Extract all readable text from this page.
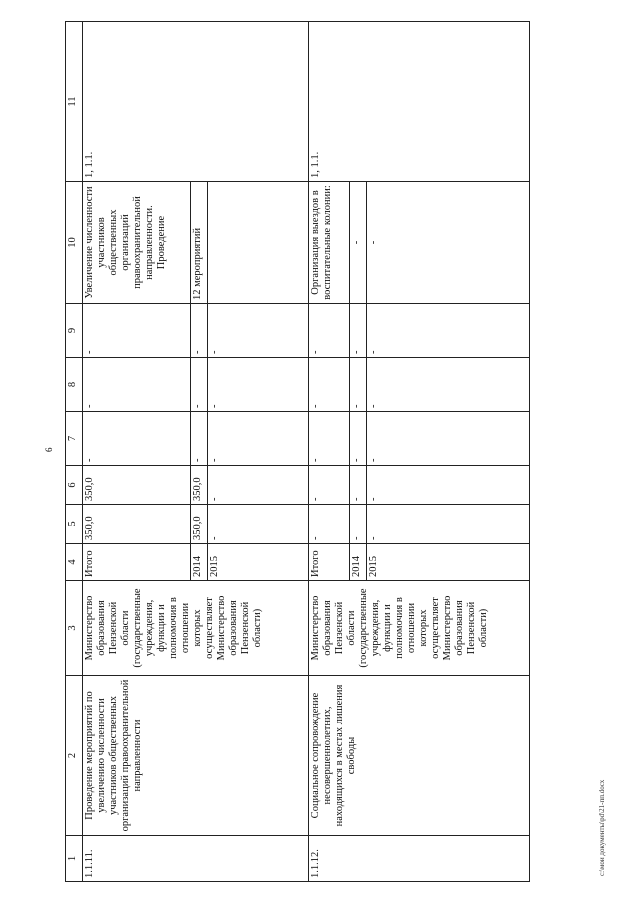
6
1	2	3	4	5	6	7	8	9	10	11
1.1.11.	Проведение мероприятий по увеличению численности участников общественных организаций правоохранительной направленности	Министерство образования Пензенской области (государственные учреждения, функции и полномочия в отношении которых осуществляет Министерство образования Пензенской области)	Итого	350,0	350,0	-	-	-	Увеличение численности участников общественных организаций правоохранительной направленности. Проведение	1, 1.1.
			2014	350,0	350,0	-	-	-	12 мероприятий	
			2015	-	-	-	-	-		
1.1.12.	Социальное сопровождение несовершеннолетних, находящихся в местах лишения свободы	Министерство образования Пензенской области (государственные учреждения, функции и полномочия в отношении которых осуществляет Министерство образования Пензенской области)	Итого	-	-	-	-	-	Организация выездов в воспитательные колонии:	1, 1.1.
			2014	-	-	-	-	-	-	
			2015	-	-	-	-	-	-	
с:\мои документы\pd\21-пп.docx
